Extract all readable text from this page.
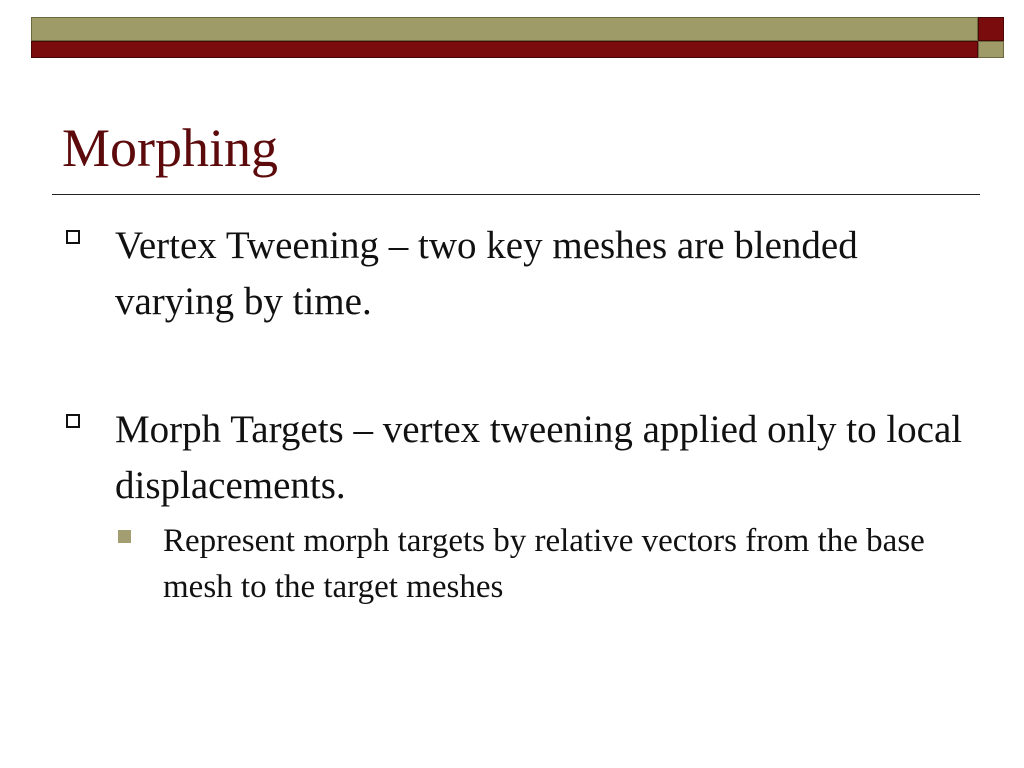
Morphing
Vertex Tweening – two key meshes are blended varying by time.
Morph Targets – vertex tweening applied only to local displacements.
Represent morph targets by relative vectors from the base mesh to the target meshes
